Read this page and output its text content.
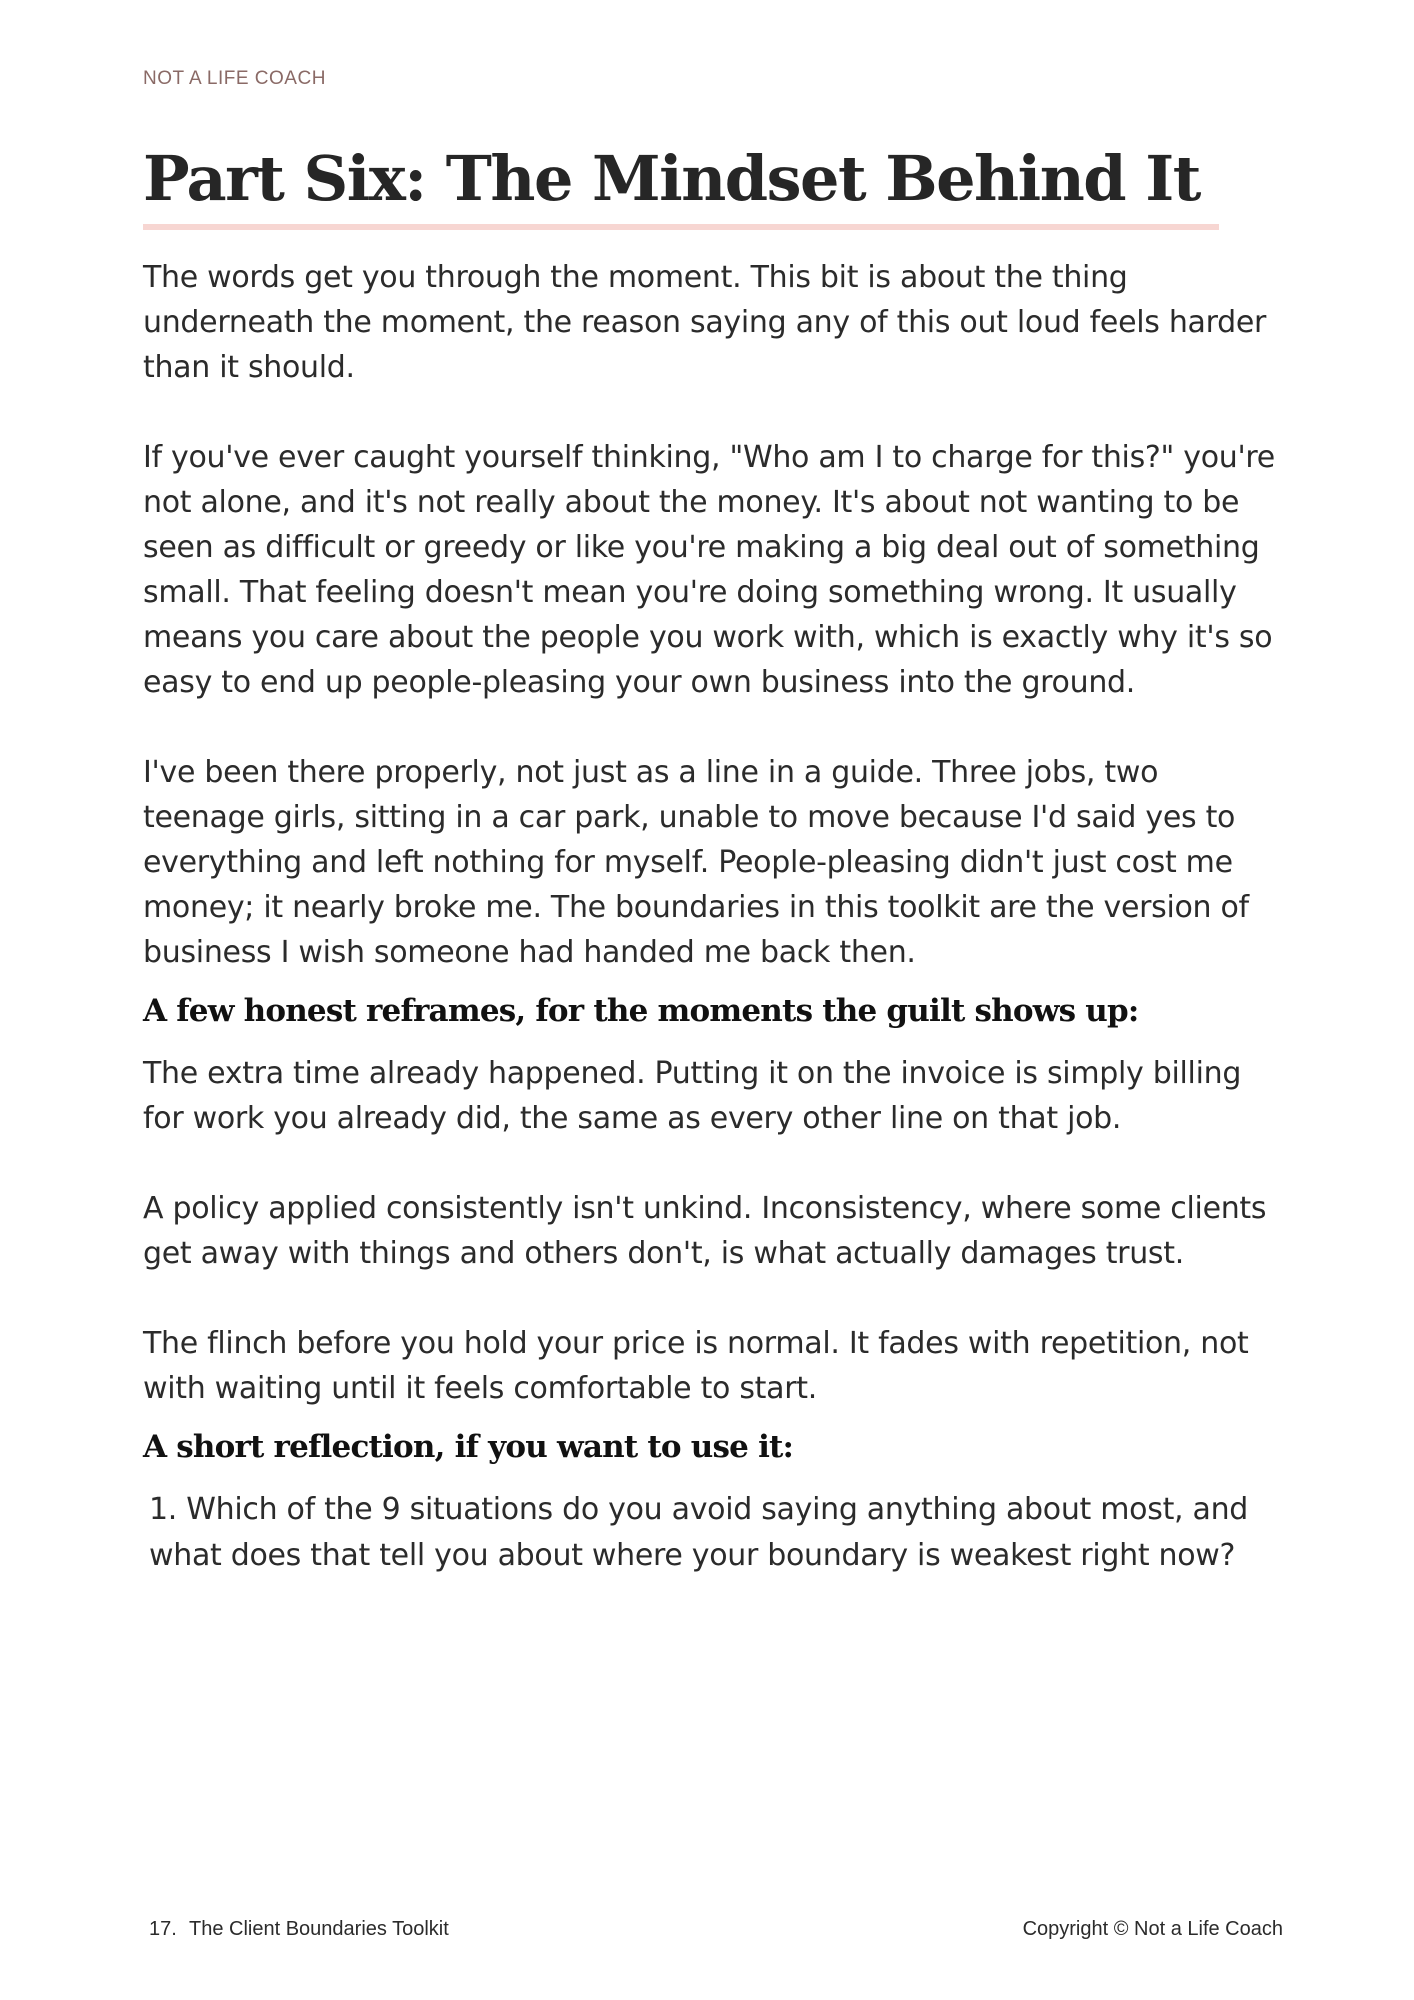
NOT A LIFE COACH
Part Six: The Mindset Behind It

The words get you through the moment. This bit is about the thing underneath the moment, the reason saying any of this out loud feels harder than it should.

If you've ever caught yourself thinking, "Who am I to charge for this?" you're not alone, and it's not really about the money. It's about not wanting to be seen as difficult or greedy or like you're making a big deal out of something small. That feeling doesn't mean you're doing something wrong. It usually means you care about the people you work with, which is exactly why it's so easy to end up people-pleasing your own business into the ground.

I've been there properly, not just as a line in a guide. Three jobs, two teenage girls, sitting in a car park, unable to move because I'd said yes to everything and left nothing for myself. People-pleasing didn't just cost me money; it nearly broke me. The boundaries in this toolkit are the version of business I wish someone had handed me back then.

A few honest reframes, for the moments the guilt shows up:

The extra time already happened. Putting it on the invoice is simply billing for work you already did, the same as every other line on that job.

A policy applied consistently isn't unkind. Inconsistency, where some clients get away with things and others don't, is what actually damages trust.

The flinch before you hold your price is normal. It fades with repetition, not with waiting until it feels comfortable to start.

A short reflection, if you want to use it:
1. Which of the 9 situations do you avoid saying anything about most, and what does that tell you about where your boundary is weakest right now?
17. The Client Boundaries Toolkit	Copyright © Not a Life Coach
